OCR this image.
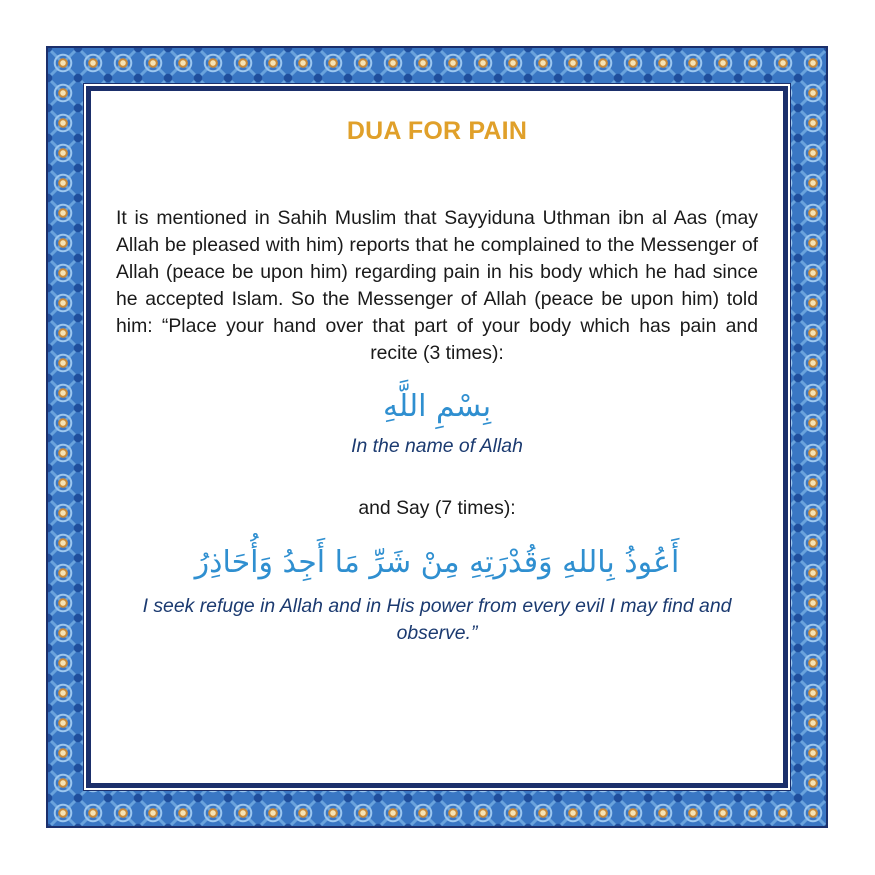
DUA FOR PAIN

It is mentioned in Sahih Muslim that Sayyiduna Uthman ibn al Aas (may Allah be pleased with him) reports that he complained to the Messenger of Allah (peace be upon him) regarding pain in his body which he had since he accepted Islam. So the Messenger of Allah (peace be upon him) told him: “Place your hand over that part of your body which has pain and recite (3 times):

بِسْمِ اللَّهِ

In the name of Allah

and Say (7 times):

أَعُوذُ بِاللهِ وَقُدْرَتِهِ مِنْ شَرِّ مَا أَجِدُ وَأُحَاذِرُ

I seek refuge in Allah and in His power from every evil I may find and observe.”
